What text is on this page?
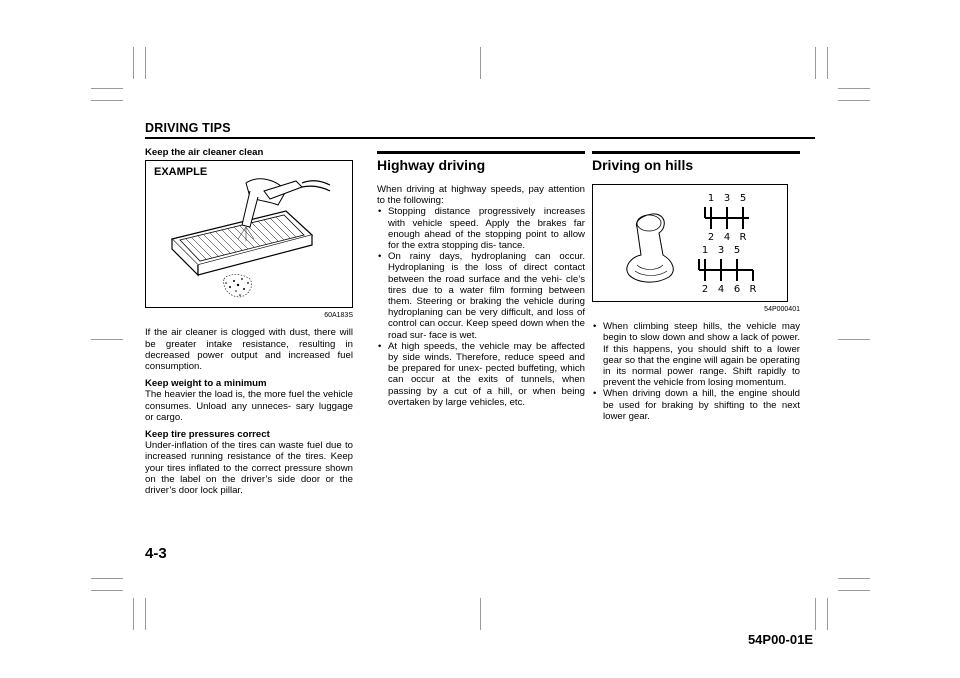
DRIVING TIPS
Keep the air cleaner clean
EXAMPLE
60A183S

If the air cleaner is clogged with dust, there will be greater intake resistance, resulting in decreased power output and increased fuel consumption.

Keep weight to a minimum

The heavier the load is, the more fuel the vehicle consumes. Unload any unneces- sary luggage or cargo.

Keep tire pressures correct

Under-inflation of the tires can waste fuel due to increased running resistance of the tires. Keep your tires inflated to the correct pressure shown on the label on the driver’s side door or the driver’s door lock pillar.

Highway driving

When driving at highway speeds, pay attention to the following:

• Stopping distance progressively increases with vehicle speed. Apply the brakes far enough ahead of the stopping point to allow for the extra stopping dis- tance.
• On rainy days, hydroplaning can occur. Hydroplaning is the loss of direct contact between the road surface and the vehi- cle’s tires due to a water film forming between them. Steering or braking the vehicle during hydroplaning can be very difficult, and loss of control can occur. Keep speed down when the road sur- face is wet.
• At high speeds, the vehicle may be affected by side winds. Therefore, reduce speed and be prepared for unex- pected buffeting, which can occur at the exits of tunnels, when passing by a cut of a hill, or when being overtaken by large vehicles, etc.
Driving on hills
1 3 5
2 4 R
1 3 5
2 4 6 R
54P000401
• When climbing steep hills, the vehicle may begin to slow down and show a lack of power. If this happens, you should shift to a lower gear so that the engine will again be operating in its normal power range. Shift rapidly to prevent the vehicle from losing momentum.
• When driving down a hill, the engine should be used for braking by shifting to the next lower gear.
4-3
54P00-01E
